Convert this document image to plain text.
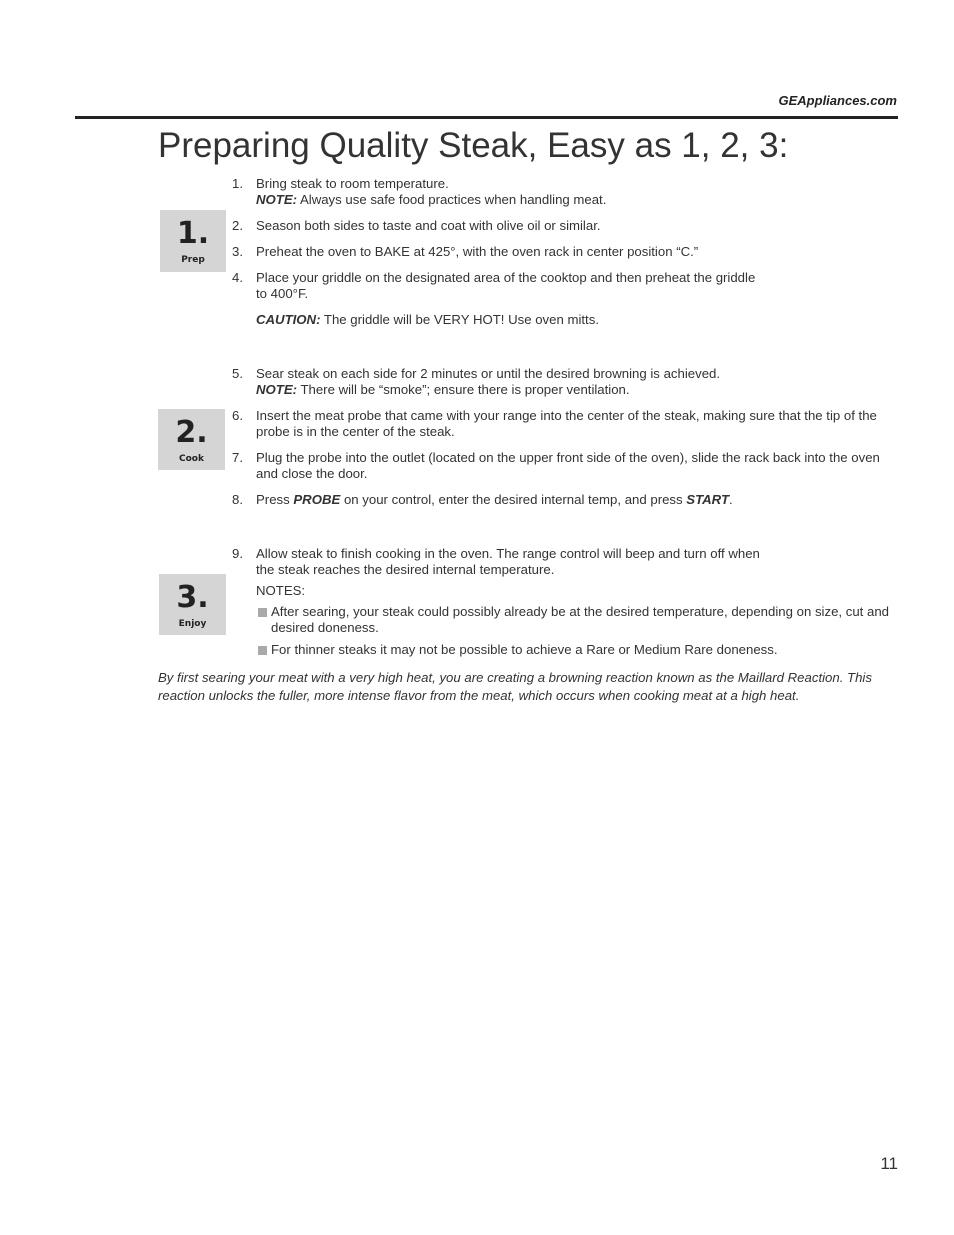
GEAppliances.com
Preparing Quality Steak, Easy as 1, 2, 3:
1.
Prep
2.
Cook
3.
Enjoy
1. Bring steak to room temperature.
NOTE: Always use safe food practices when handling meat.
2. Season both sides to taste and coat with olive oil or similar.
3. Preheat the oven to BAKE at 425°, with the oven rack in center position “C.”
4. Place your griddle on the designated area of the cooktop and then preheat the griddle
to 400°F.
CAUTION: The griddle will be VERY HOT! Use oven mitts.
5. Sear steak on each side for 2 minutes or until the desired browning is achieved.
NOTE: There will be “smoke”; ensure there is proper ventilation.
6. Insert the meat probe that came with your range into the center of the steak, making sure that the tip of the probe is in the center of the steak.
7. Plug the probe into the outlet (located on the upper front side of the oven), slide the rack back into the oven and close the door.
8. Press PROBE on your control, enter the desired internal temp, and press START.
9. Allow steak to finish cooking in the oven. The range control will beep and turn off when
the steak reaches the desired internal temperature.
NOTES:
After searing, your steak could possibly already be at the desired temperature, depending on size, cut and desired doneness.
For thinner steaks it may not be possible to achieve a Rare or Medium Rare doneness.
By first searing your meat with a very high heat, you are creating a browning reaction known as the Maillard Reaction. This reaction unlocks the fuller, more intense flavor from the meat, which occurs when cooking meat at a high heat.
11
